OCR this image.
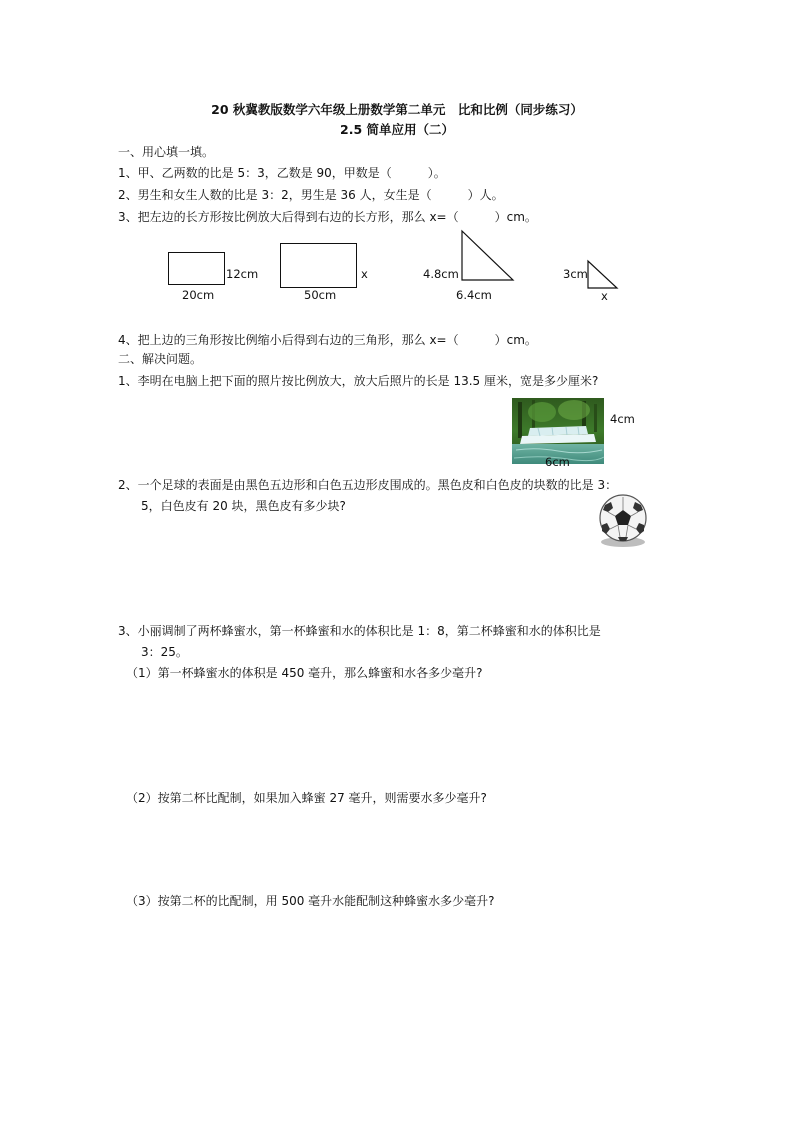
20 秋冀教版数学六年级上册数学第二单元　比和比例（同步练习）
2.5 简单应用（二）
一、用心填一填。
1、甲、乙两数的比是 5：3，乙数是 90，甲数是（　　　）。
2、男生和女生人数的比是 3：2，男生是 36 人，女生是（　　　）人。
3、把左边的长方形按比例放大后得到右边的长方形，那么 x=（　　　）cm。
12cm
20cm
x
50cm
4.8cm
6.4cm
3cm
x
4、把上边的三角形按比例缩小后得到右边的三角形，那么 x=（　　　）cm。
二、解决问题。
1、李明在电脑上把下面的照片按比例放大，放大后照片的长是 13.5 厘米，宽是多少厘米?
4cm
6cm
2、一个足球的表面是由黑色五边形和白色五边形皮围成的。黑色皮和白色皮的块数的比是 3：
5，白色皮有 20 块，黑色皮有多少块?
3、小丽调制了两杯蜂蜜水，第一杯蜂蜜和水的体积比是 1：8，第二杯蜂蜜和水的体积比是
3：25。
（1）第一杯蜂蜜水的体积是 450 毫升，那么蜂蜜和水各多少毫升?
（2）按第二杯比配制，如果加入蜂蜜 27 毫升，则需要水多少毫升?
（3）按第二杯的比配制，用 500 毫升水能配制这种蜂蜜水多少毫升?
